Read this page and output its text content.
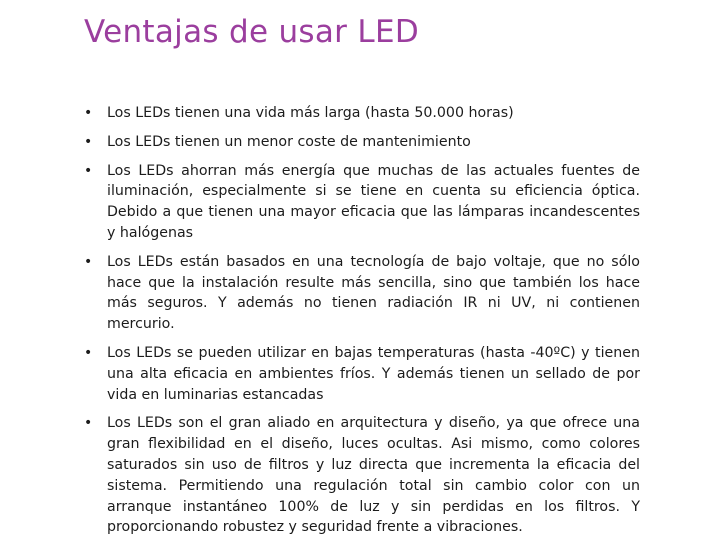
Ventajas de usar LED
• Los LEDs tienen una vida más larga (hasta 50.000 horas)
• Los LEDs tienen un menor coste de mantenimiento
• Los LEDs ahorran más energía que muchas de las actuales fuentes de iluminación, especialmente si se tiene en cuenta su eficiencia óptica. Debido a que tienen una mayor eficacia que las lámparas incandescentes y halógenas
• Los LEDs están basados en una tecnología de bajo voltaje, que no sólo hace que la instalación resulte más sencilla, sino que también los hace más seguros. Y además no tienen radiación IR ni UV, ni contienen mercurio.
• Los LEDs se pueden utilizar en bajas temperaturas (hasta -40ºC) y tienen una alta eficacia en ambientes fríos. Y además tienen un sellado de por vida en luminarias estancadas
• Los LEDs son el gran aliado en arquitectura y diseño, ya que ofrece una gran flexibilidad en el diseño, luces ocultas. Asi mismo, como colores saturados sin uso de filtros y luz directa que incrementa la eficacia del sistema. Permitiendo una regulación total sin cambio color con un arranque instantáneo 100% de luz y sin perdidas en los filtros. Y proporcionando robustez y seguridad frente a vibraciones.
